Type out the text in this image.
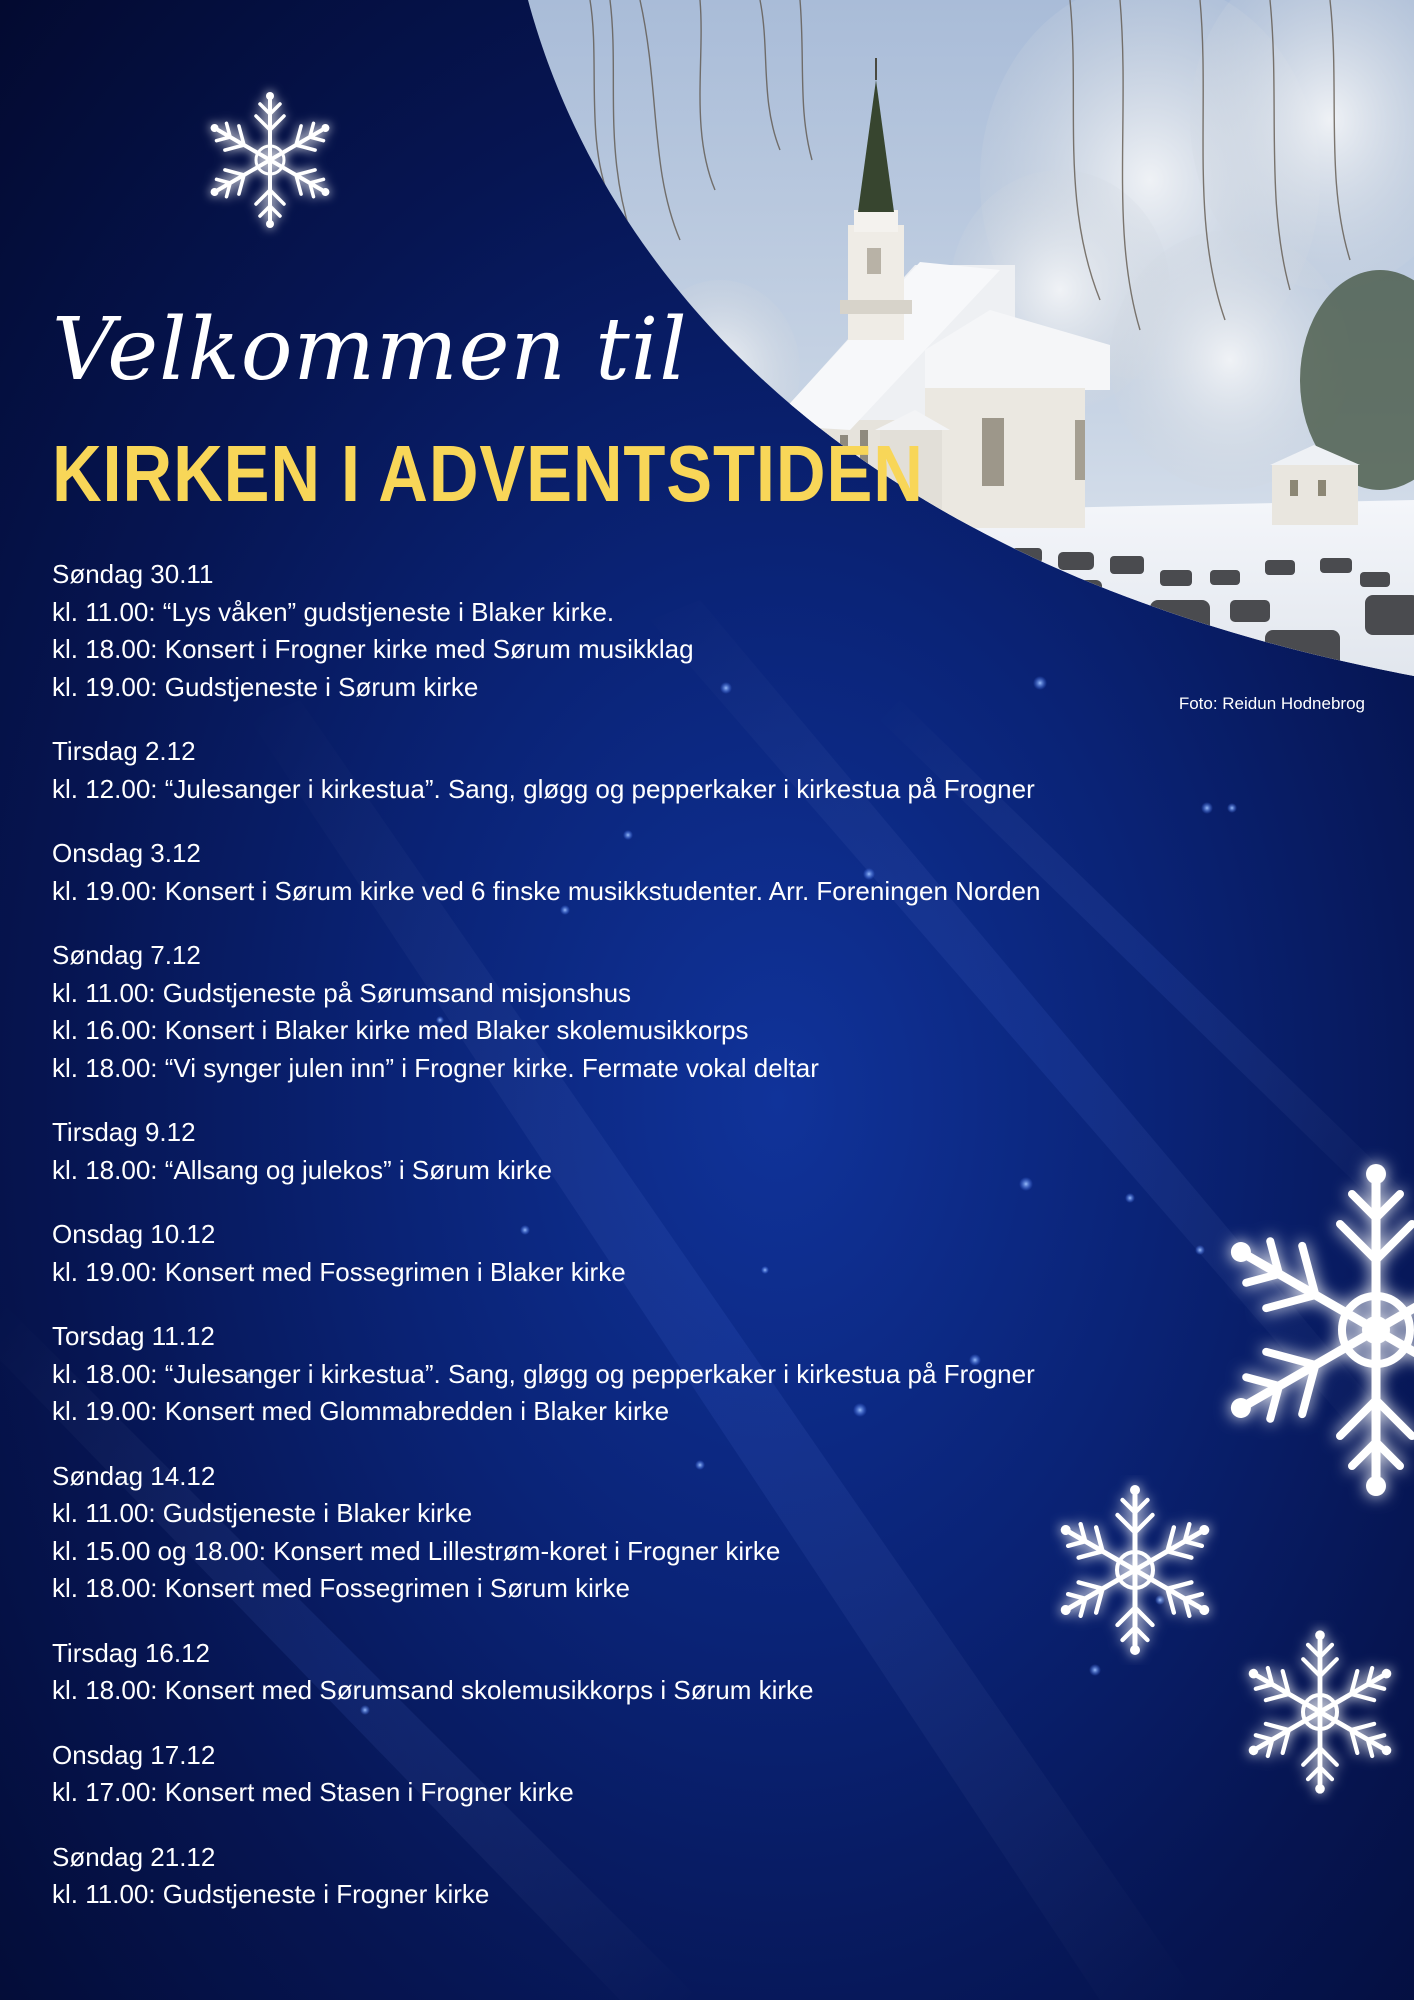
Velkommen til
KIRKEN I ADVENTSTIDEN
Foto: Reidun Hodnebrog
Søndag 30.11
kl. 11.00: “Lys våken” gudstjeneste i Blaker kirke.
kl. 18.00: Konsert i Frogner kirke med Sørum musikklag
kl. 19.00: Gudstjeneste i Sørum kirke
Tirsdag 2.12
kl. 12.00: “Julesanger i kirkestua”. Sang, gløgg og pepperkaker i kirkestua på Frogner
Onsdag 3.12
kl. 19.00: Konsert i Sørum kirke ved 6 finske musikkstudenter. Arr. Foreningen Norden
Søndag 7.12
kl. 11.00: Gudstjeneste på Sørumsand misjonshus
kl. 16.00: Konsert i Blaker kirke med Blaker skolemusikkorps
kl. 18.00: “Vi synger julen inn” i Frogner kirke. Fermate vokal deltar
Tirsdag 9.12
kl. 18.00: “Allsang og julekos” i Sørum kirke
Onsdag 10.12
kl. 19.00: Konsert med Fossegrimen i Blaker kirke
Torsdag 11.12
kl. 18.00: “Julesanger i kirkestua”. Sang, gløgg og pepperkaker i kirkestua på Frogner
kl. 19.00: Konsert med Glommabredden i Blaker kirke
Søndag 14.12
kl. 11.00: Gudstjeneste i Blaker kirke
kl. 15.00 og 18.00: Konsert med Lillestrøm-koret i Frogner kirke
kl. 18.00: Konsert med Fossegrimen i Sørum kirke
Tirsdag 16.12
kl. 18.00: Konsert med Sørumsand skolemusikkorps i Sørum kirke
Onsdag 17.12
kl. 17.00: Konsert med Stasen i Frogner kirke
Søndag 21.12
kl. 11.00: Gudstjeneste i Frogner kirke
